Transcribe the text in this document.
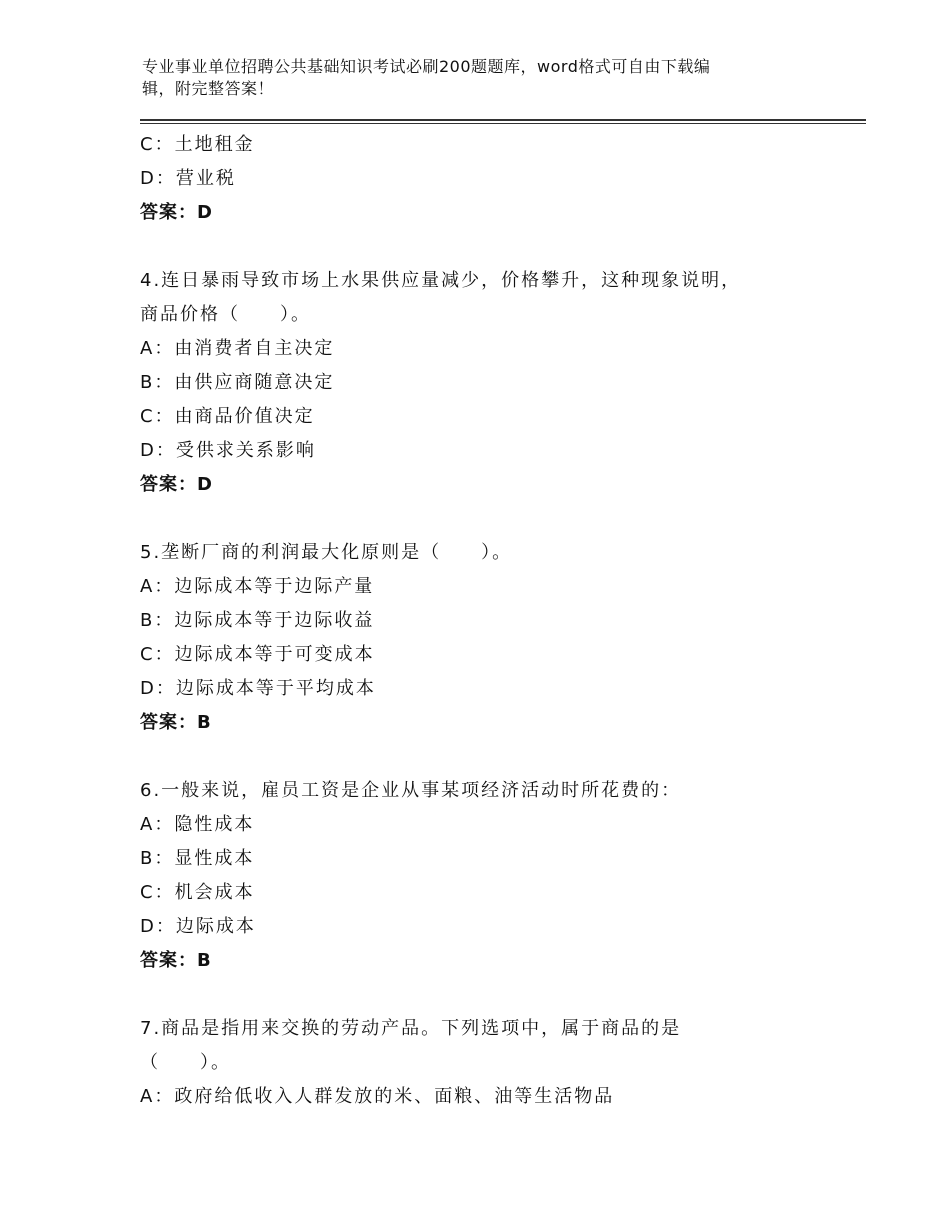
专业事业单位招聘公共基础知识考试必刷200题题库，word格式可自由下载编
辑，附完整答案！
C：土地租金
D：营业税
答案：D
4.连日暴雨导致市场上水果供应量减少，价格攀升，这种现象说明，
商品价格（　　）。
A：由消费者自主决定
B：由供应商随意决定
C：由商品价值决定
D：受供求关系影响
答案：D
5.垄断厂商的利润最大化原则是（　　）。
A：边际成本等于边际产量
B：边际成本等于边际收益
C：边际成本等于可变成本
D：边际成本等于平均成本
答案：B
6.一般来说，雇员工资是企业从事某项经济活动时所花费的：
A：隐性成本
B：显性成本
C：机会成本
D：边际成本
答案：B
7.商品是指用来交换的劳动产品。下列选项中，属于商品的是
（　　）。
A：政府给低收入人群发放的米、面粮、油等生活物品
